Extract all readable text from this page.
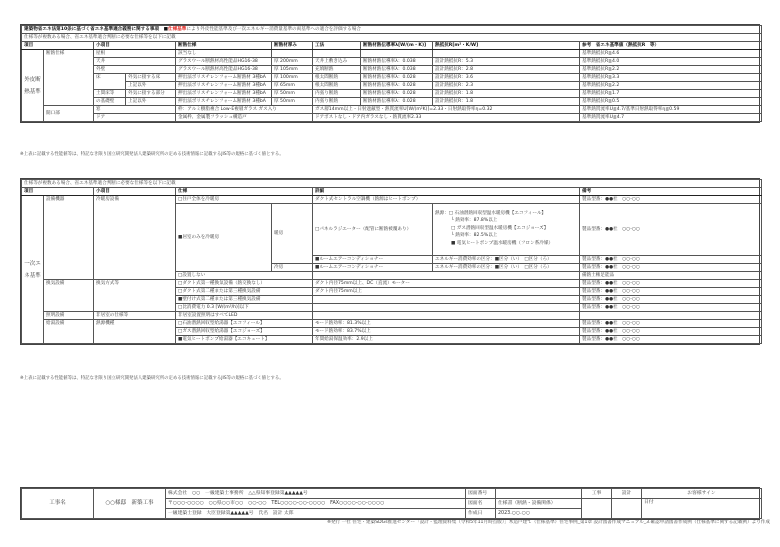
建築物省エネ法第10条に基づく省エネ基準適合義務に関する事項　 ■仕様基準により外皮性能基準及び一次エネルギー消費量基準の両基準への適合を評価する場合									
仕様等が複数ある場合、省エネ基準適合判断に必要な仕様等を以下に記載									
項目		小項目		断熱仕様	断熱材厚み	工法	断熱材熱伝導率λ[W/(m・K)]	熱抵抗R[m²・K/W]	参考　省エネ基準値（熱抵抗R　等）
外皮断熱基準	断熱仕様	屋根		該当なし					基準熱抵抗R≧4.6
		天井		グラスウール断熱材高性能品HG16-38	厚 200mm	天井上敷き込み	断熱材熱伝導率λ：0.038	設計熱抵抗R：5.3	基準熱抵抗R≧4.0
		外壁		グラスウール断熱材高性能品HG16-38	厚 105mm	充填断熱	断熱材熱伝導率λ：0.038	設計熱抵抗R：2.8	基準熱抵抗R≧2.2
		床	外気に接する床	押出法ポリスチレンフォーム断熱材 3種bA	厚 100mm	根太間断熱	断熱材熱伝導率λ：0.028	設計熱抵抗R：3.6	基準熱抵抗R≧3.3
			上記以外	押出法ポリスチレンフォーム断熱材 3種bA	厚 65mm	根太間断熱	断熱材熱伝導率λ：0.028	設計熱抵抗R：2.3	基準熱抵抗R≧2.2
		土間床等	外気に接する部分	押出法ポリスチレンフォーム断熱材 3種bA	厚 50mm	内張り断熱	断熱材熱伝導率λ：0.028	設計熱抵抗R：1.8	基準熱抵抗R≧1.7
		の基礎壁	上記以外	押出法ポリスチレンフォーム断熱材 3種bA	厚 50mm	内張り断熱	断熱材熱伝導率λ：0.028	設計熱抵抗R：1.8	基準熱抵抗R≧0.5
	開口部	窓		枠：アルミ樹脂複合 Low-E複層ガラス ガス入り		ガス層14mm以上・日射遮蔽型・熱貫流率U[W/(m²K)]=2.33・日射熱取得率η=0.32			基準熱貫流率U≦4.7/基準日射熱取得率η≦0.59
		ドア		金属枠、金属製フラッシュ構造戸		ドアポストなし・ドア内ガラスなし・熱貫流率2.33			基準熱貫流率U≦4.7
※上表に記載する性能値等は、特記なき限り国立研究開発法人建築研究所の定める技術情報に記載するJIS等の規格に基づく値とする。
仕様等が複数ある場合、省エネ基準適合判断に必要な仕様等を以下に記載							
項目		小項目	仕様		詳細		備考
一次エネ基準	設備機器	冷暖房設備	□住戸全体を冷暖房		ダクト式セントラル空調機（熱源はヒートポンプ）		製品型番：●●社　○○-○○
			■居室のみを冷暖房	暖房	□パネルラジエーター（配管に断熱被覆あり）	熱源：□ 石油潜熱回収型温水暖房機【エコフィール】
└ 熱効率：87.8%以上
□ ガス潜熱回収型温水暖房機【エコジョーズ】
└ 熱効率：82.5%以上
■ 電気ヒートポンプ温水暖房機（フロン系冷媒）	製品型番：●●社　○○-○○
					■ルームエアーコンディショナー	エネルギー消費効率の区分：■区分（い）　□区分（ろ）	製品型番：●●社　○○-○○
				冷房	■ルームエアーコンディショナー	エネルギー消費効率の区分：■区分（い）　□区分（ろ）	製品型番：●●社　○○-○○
			□設置しない				備熱土権足能品
	換気設備	換気方式等	□ダクト式第一種換気設備（熱交換なし）		ダクト内径75mm以上、DC（直流）モーター		製品型番：●●社　○○-○○
			□ダクト式第二種または第三種換気設備		ダクト内径75mm以上		製品型番：●●社　○○-○○
			■壁付け式第二種または第三種換気設備				製品型番：●●社　○○-○○
			□比消費電力 0.3 [W/(m³/h)]以下				製品型番：●●社　○○-○○
	照明設備	非居室の仕様等	非居室設置照明はすべてLED				
	給湯設備	熱源機種	□石油潜熱回収型給湯器【エコフィール】		モード熱効率：81.3%以上		製品型番：●●社　○○-○○
			□ガス潜熱回収型給湯器【エコジョーズ】		モード熱効率：83.7%以上		製品型番：●●社　○○-○○
			■電気ヒートポンプ給湯器【エコキュート】		年間給湯保温効率：2.9以上		製品型番：●●社　○○-○○
※上表に記載する性能値等は、特記なき限り国立研究開発法人建築研究所の定める技術情報に記載するJIS等の規格に基づく値とする。
工事名	○○様邸　新築工事	株式会社　○○　一級建築士事務所　△△県知事登録第▲▲▲▲▲号	図面番号		工事	設計	お客様サイン
		〒○○○-○○○○　○○県○○市○○　○○-○○　TEL○○○○-○○-○○○○　FAX○○○○-○○-○○○○	図面名	仕様書（断熱・設備関係）			日付
		一級建築士登録　大臣登録第▲▲▲▲▲号　氏名　設計 太郎	作成日	2023.○○.○○			
※発行 一社 住宅・建築SDGs推進センター「設計・監理資料集（令和5年11月時点版）」木造戸建て（仕様基準）住宅事例_第1章 設計図書作成マニュアル_3.確認申請図書作成例（仕様基準に関する記載例）より作成
